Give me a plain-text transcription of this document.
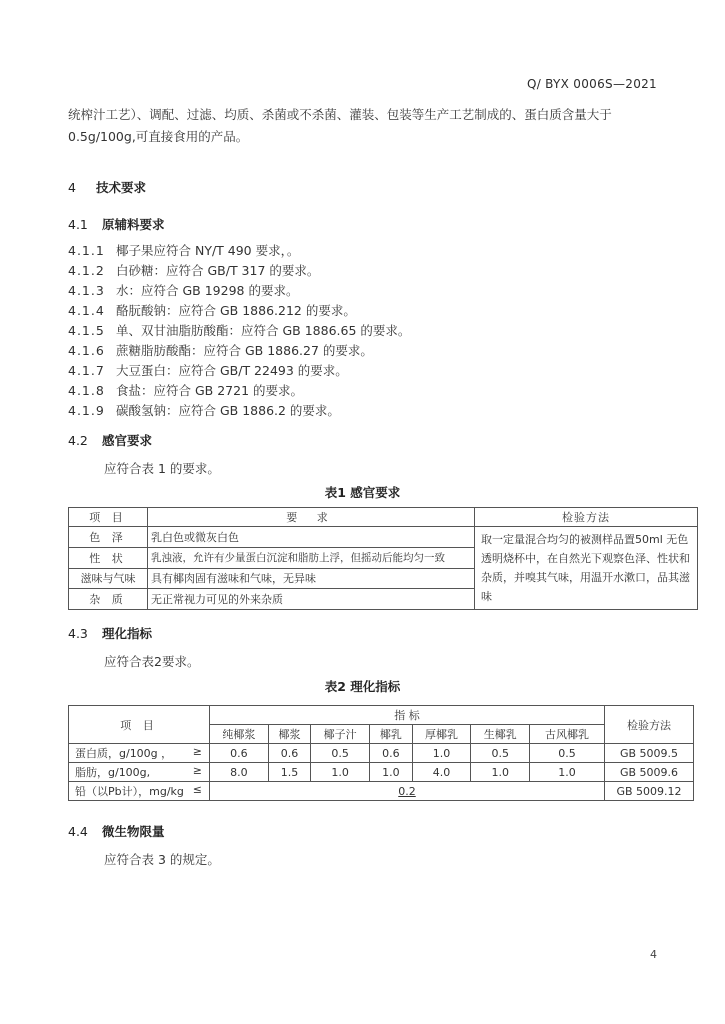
Q/ BYX 0006S—2021
统榨汁工艺）、调配、过滤、均质、杀菌或不杀菌、灌装、包装等生产工艺制成的、蛋白质含量大于
0.5g/100g,可直接食用的产品。
4 技术要求
4.1 原辅料要求
4.1.1 椰子果应符合 NY/T 490 要求，。
4.1.2 白砂糖：应符合 GB/T 317 的要求。
4.1.3 水：应符合 GB 19298 的要求。
4.1.4 酪朊酸钠：应符合 GB 1886.212 的要求。
4.1.5 单、双甘油脂肪酸酯：应符合 GB 1886.65 的要求。
4.1.6 蔗糖脂肪酸酯：应符合 GB 1886.27 的要求。
4.1.7 大豆蛋白：应符合 GB/T 22493 的要求。
4.1.8 食盐：应符合 GB 2721 的要求。
4.1.9 碳酸氢钠：应符合 GB 1886.2 的要求。
4.2 感官要求
应符合表 1 的要求。
表1 感官要求
项 目	要 求	检验方法
色 泽	乳白色或微灰白色	取一定量混合均匀的被测样品置50ml 无色透明烧杯中，在自然光下观察色泽、性状和杂质，并嗅其气味，用温开水漱口，品其滋味
性 状	乳浊液，允许有少量蛋白沉淀和脂肪上浮，但摇动后能均匀一致	
滋味与气味	具有椰肉固有滋味和气味，无异味	
杂 质	无正常视力可见的外来杂质	
4.3 理化指标
应符合表2要求。
表2 理化指标
项 目	指 标							检验方法
	纯椰浆	椰浆	椰子汁	椰乳	厚椰乳	生椰乳	古风椰乳	
蛋白质，g/100g ， ≥	0.6	0.6	0.5	0.6	1.0	0.5	0.5	GB 5009.5
脂肪，g/100g, ≥	8.0	1.5	1.0	1.0	4.0	1.0	1.0	GB 5009.6
铅（以Pb计），mg/kg ≤	0.2							GB 5009.12
4.4 微生物限量
应符合表 3 的规定。
4
